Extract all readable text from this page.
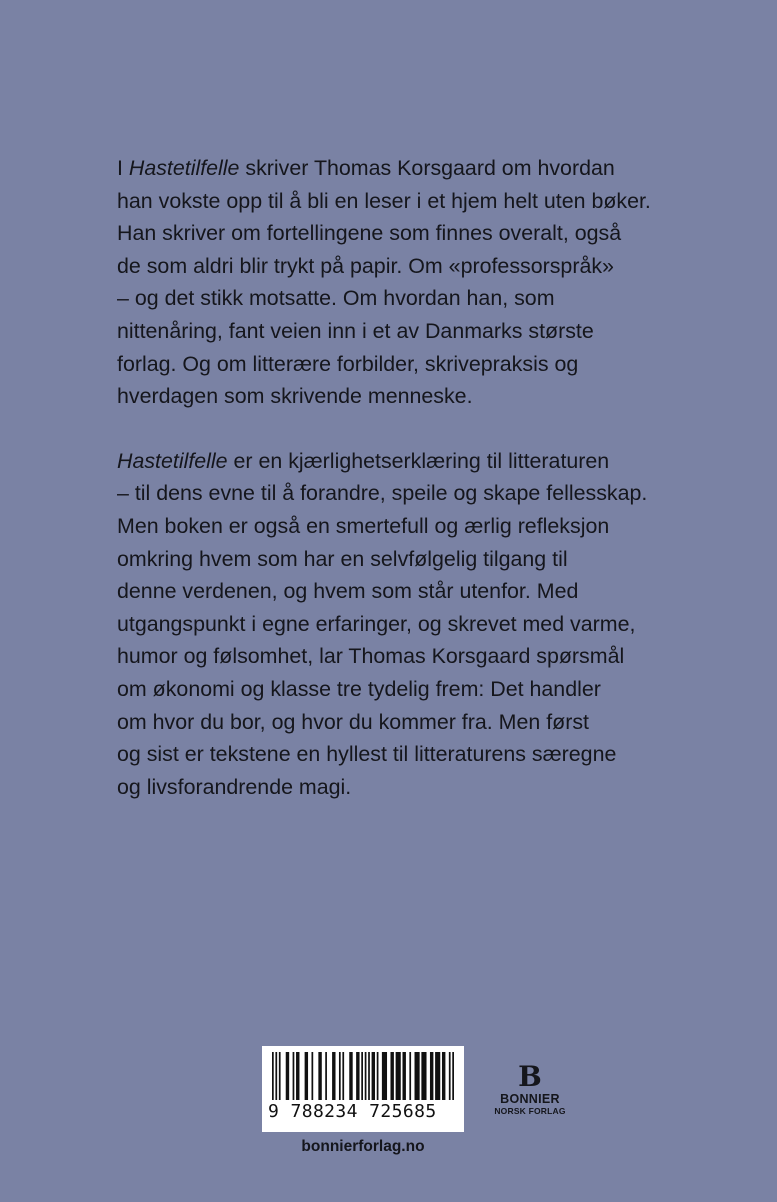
I Hastetilfelle skriver Thomas Korsgaard om hvordan
han vokste opp til å bli en leser i et hjem helt uten bøker.
Han skriver om fortellingene som finnes overalt, også
de som aldri blir trykt på papir. Om «professorspråk»
– og det stikk motsatte. Om hvordan han, som
nittenåring, fant veien inn i et av Danmarks største
forlag. Og om litterære forbilder, skrivepraksis og
hverdagen som skrivende menneske.
Hastetilfelle er en kjærlighetserklæring til litteraturen
– til dens evne til å forandre, speile og skape fellesskap.
Men boken er også en smertefull og ærlig refleksjon
omkring hvem som har en selvfølgelig tilgang til
denne verdenen, og hvem som står utenfor. Med
utgangspunkt i egne erfaringer, og skrevet med varme,
humor og følsomhet, lar Thomas Korsgaard spørsmål
om økonomi og klasse tre tydelig frem: Det handler
om hvor du bor, og hvor du kommer fra. Men først
og sist er tekstene en hyllest til litteraturens særegne
og livsforandrende magi.
9 788234 725685
bonnierforlag.no
B
BONNIER
NORSK FORLAG
